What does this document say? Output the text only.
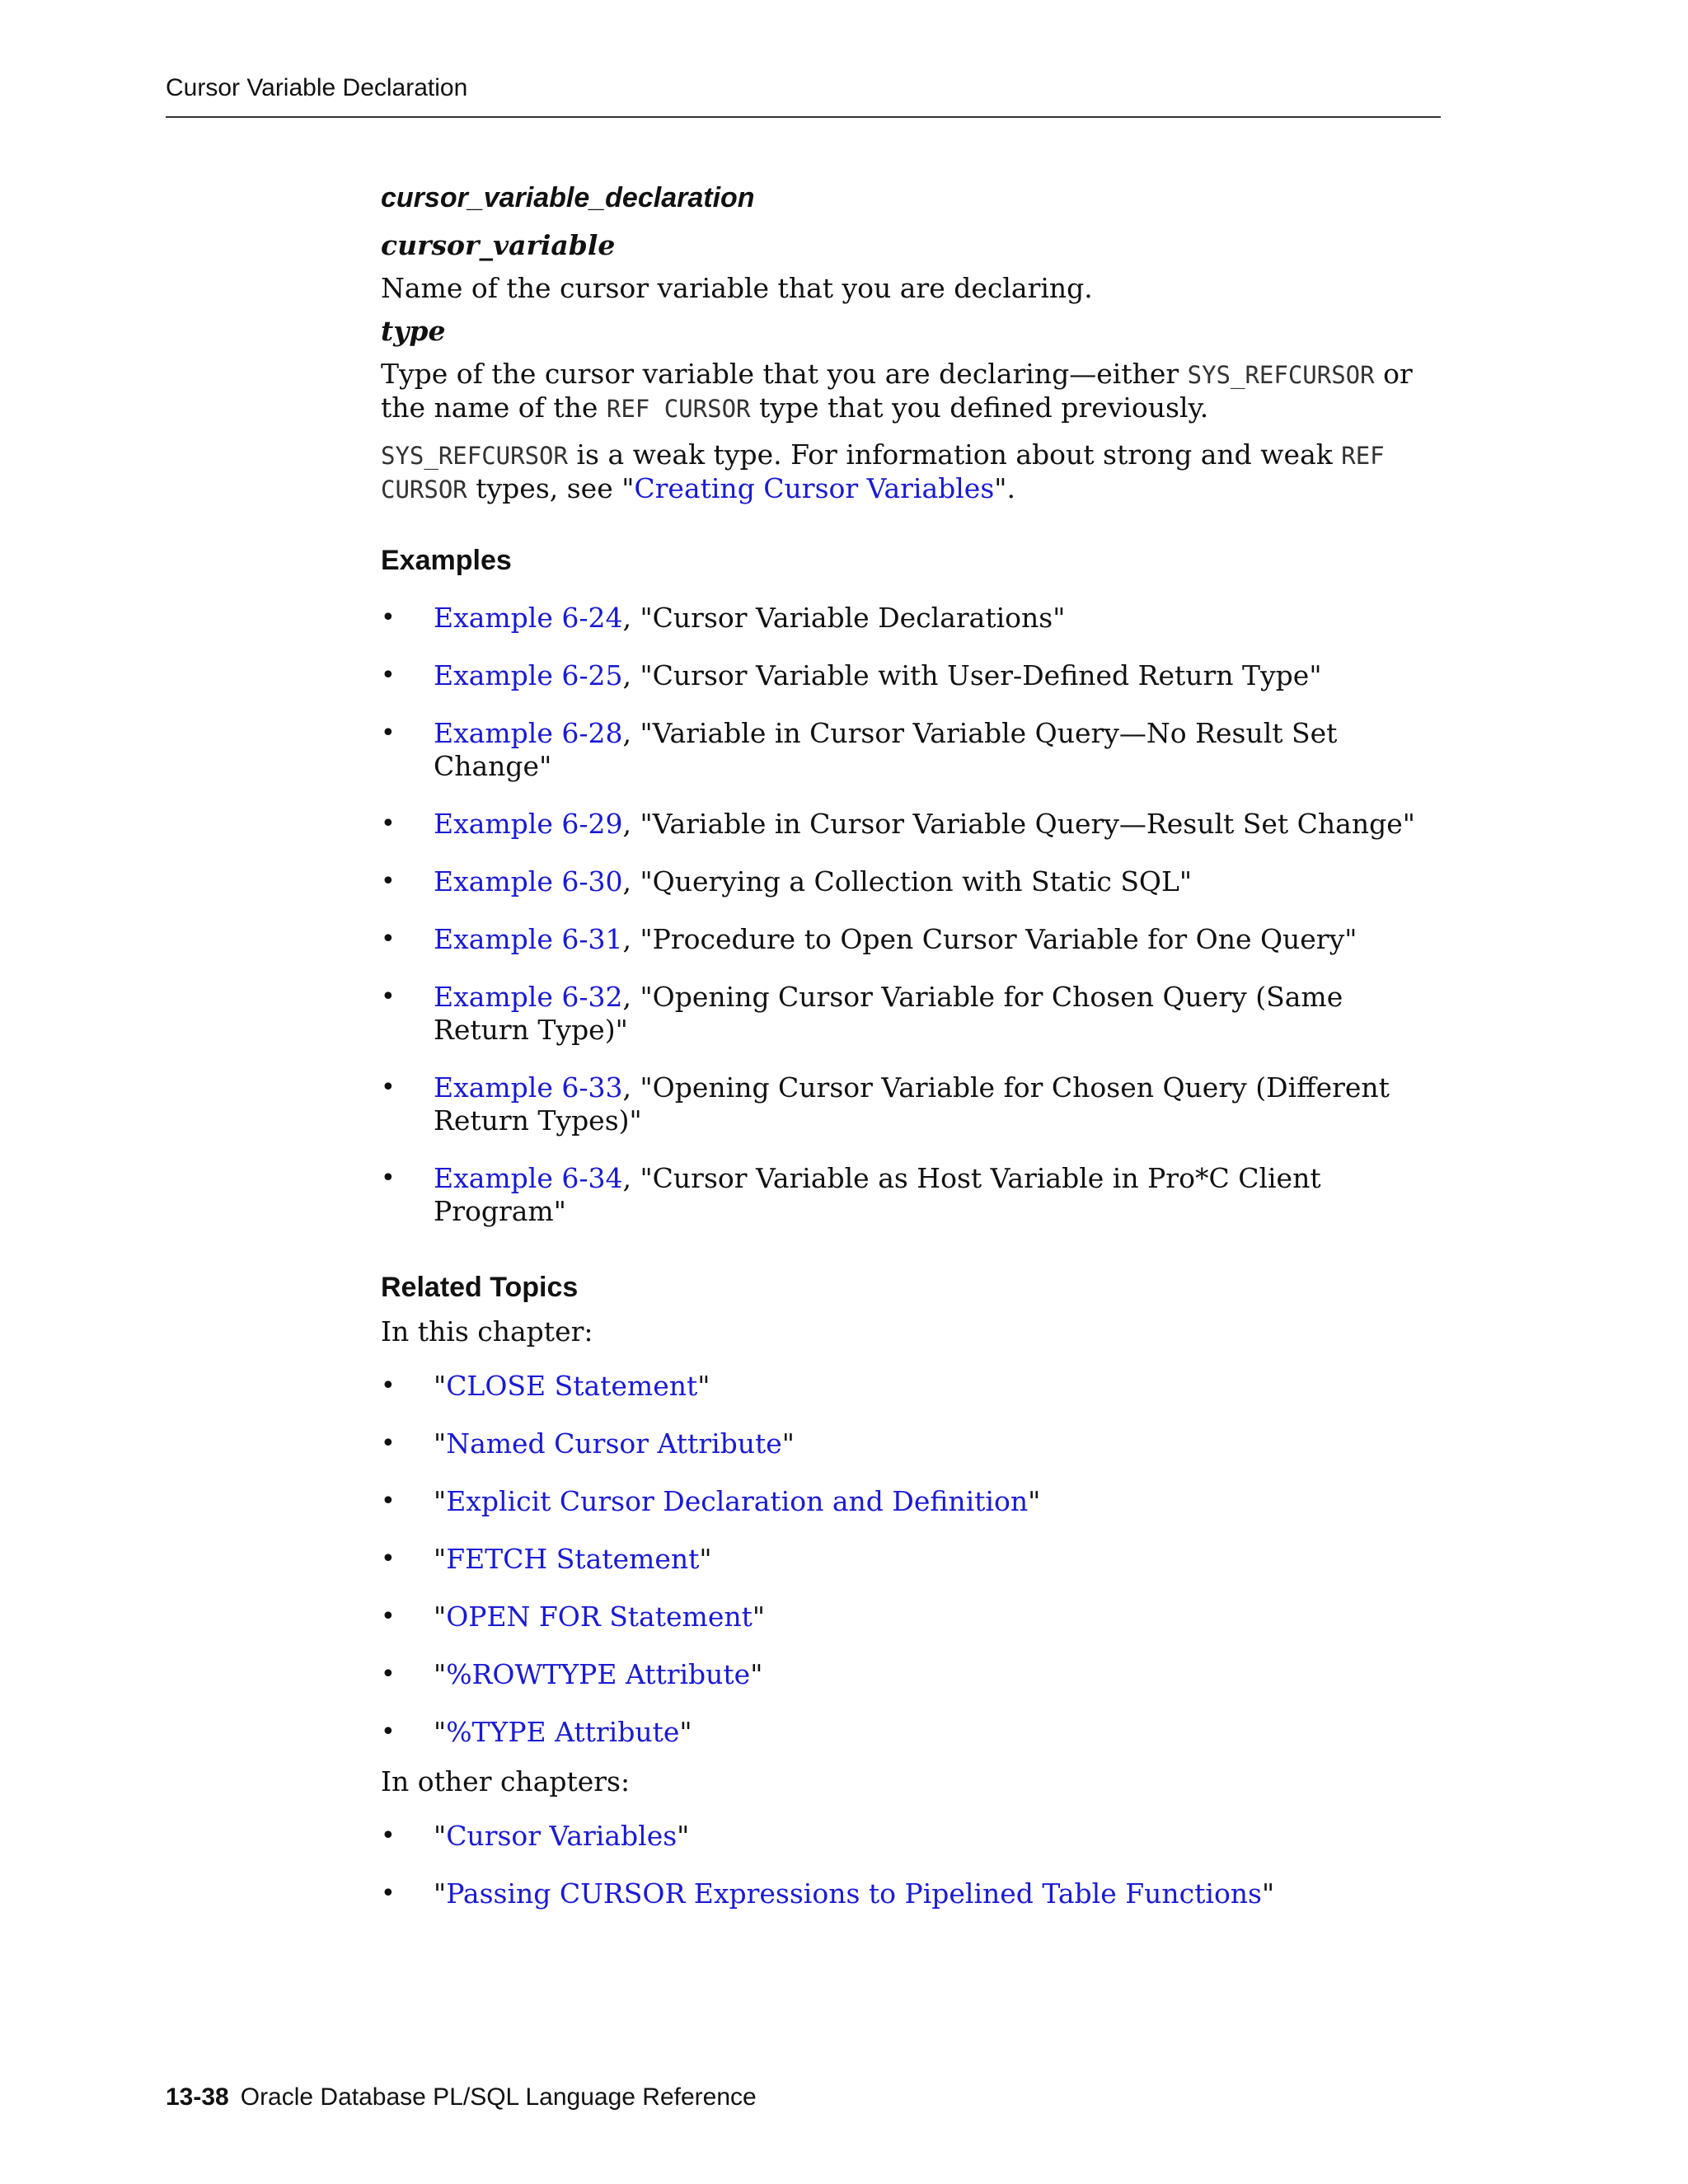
Cursor Variable Declaration
cursor_variable_declaration
cursor_variable

Name of the cursor variable that you are declaring.

type

Type of the cursor variable that you are declaring—either SYS_REFCURSOR or the name of the REF CURSOR type that you defined previously.

SYS_REFCURSOR is a weak type. For information about strong and weak REF CURSOR types, see "Creating Cursor Variables".

Examples
• Example 6-24, "Cursor Variable Declarations"
• Example 6-25, "Cursor Variable with User-Defined Return Type"
• Example 6-28, "Variable in Cursor Variable Query—No Result Set Change"
• Example 6-29, "Variable in Cursor Variable Query—Result Set Change"
• Example 6-30, "Querying a Collection with Static SQL"
• Example 6-31, "Procedure to Open Cursor Variable for One Query"
• Example 6-32, "Opening Cursor Variable for Chosen Query (Same Return Type)"
• Example 6-33, "Opening Cursor Variable for Chosen Query (Different Return Types)"
• Example 6-34, "Cursor Variable as Host Variable in Pro*C Client Program"
Related Topics

In this chapter:

• "CLOSE Statement"
• "Named Cursor Attribute"
• "Explicit Cursor Declaration and Definition"
• "FETCH Statement"
• "OPEN FOR Statement"
• "%ROWTYPE Attribute"
• "%TYPE Attribute"

In other chapters:

• "Cursor Variables"
• "Passing CURSOR Expressions to Pipelined Table Functions"
13-38 Oracle Database PL/SQL Language Reference
